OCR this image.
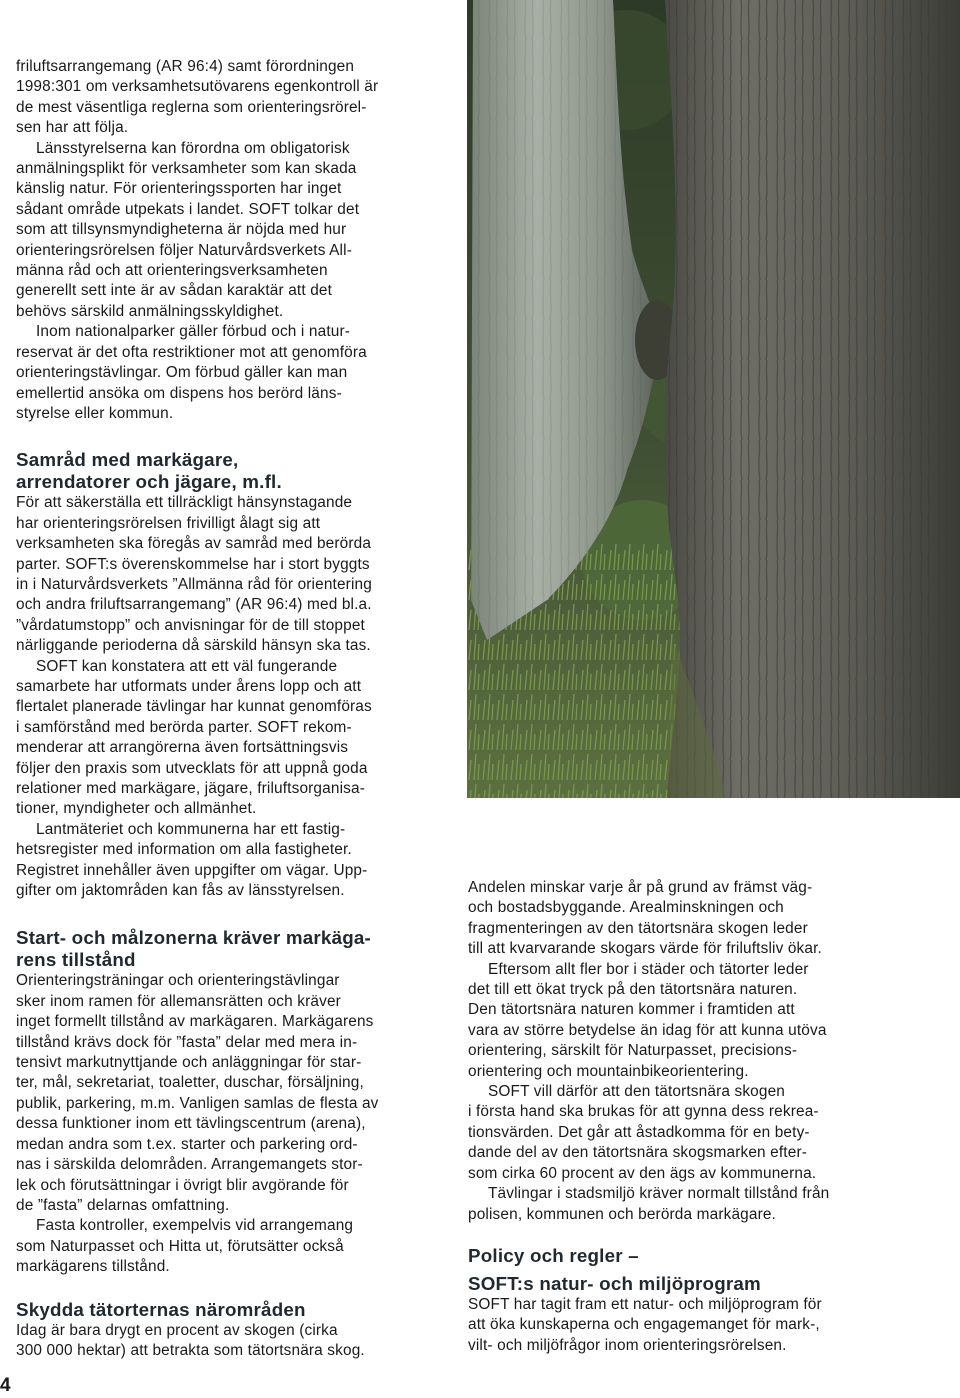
friluftsarrangemang (AR 96:4) samt förordningen
1998:301 om verksamhetsutövarens egenkontroll är
de mest väsentliga reglerna som orienteringsrörel-
sen har att följa.

Länsstyrelserna kan förordna om obligatorisk
anmälningsplikt för verksamheter som kan skada
känslig natur. För orienteringssporten har inget
sådant område utpekats i landet. SOFT tolkar det
som att tillsynsmyndigheterna är nöjda med hur
orienteringsrörelsen följer Naturvårdsverkets All-
männa råd och att orienteringsverksamheten
generellt sett inte är av sådan karaktär att det
behövs särskild anmälningsskyldighet.

Inom nationalparker gäller förbud och i natur-
reservat är det ofta restriktioner mot att genomföra
orienteringstävlingar. Om förbud gäller kan man
emellertid ansöka om dispens hos berörd läns-
styrelse eller kommun.

Samråd med markägare,
arrendatorer och jägare, m.fl.

För att säkerställa ett tillräckligt hänsynstagande
har orienteringsrörelsen frivilligt ålagt sig att
verksamheten ska föregås av samråd med berörda
parter. SOFT:s överenskommelse har i stort byggts
in i Naturvårdsverkets ”Allmänna råd för orientering
och andra friluftsarrangemang” (AR 96:4) med bl.a.
”vårdatumstopp” och anvisningar för de till stoppet
närliggande perioderna då särskild hänsyn ska tas.

SOFT kan konstatera att ett väl fungerande
samarbete har utformats under årens lopp och att
flertalet planerade tävlingar har kunnat genomföras
i samförstånd med berörda parter. SOFT rekom-
menderar att arrangörerna även fortsättningsvis
följer den praxis som utvecklats för att uppnå goda
relationer med markägare, jägare, friluftsorganisa-
tioner, myndigheter och allmänhet.

Lantmäteriet och kommunerna har ett fastig-
hetsregister med information om alla fastigheter.
Registret innehåller även uppgifter om vägar. Upp-
gifter om jaktområden kan fås av länsstyrelsen.

Start- och målzonerna kräver markäga-
rens tillstånd

Orienteringsträningar och orienteringstävlingar
sker inom ramen för allemansrätten och kräver
inget formellt tillstånd av markägaren. Markägarens
tillstånd krävs dock för ”fasta” delar med mera in-
tensivt markutnyttjande och anläggningar för star-
ter, mål, sekretariat, toaletter, duschar, försäljning,
publik, parkering, m.m. Vanligen samlas de flesta av
dessa funktioner inom ett tävlingscentrum (arena),
medan andra som t.ex. starter och parkering ord-
nas i särskilda delområden. Arrangemangets stor-
lek och förutsättningar i övrigt blir avgörande för
de ”fasta” delarnas omfattning.

Fasta kontroller, exempelvis vid arrangemang
som Naturpasset och Hitta ut, förutsätter också
markägarens tillstånd.

Skydda tätorternas närområden

Idag är bara drygt en procent av skogen (cirka
300 000 hektar) att betrakta som tätortsnära skog.

Andelen minskar varje år på grund av främst väg-
och bostadsbyggande. Arealminskningen och
fragmenteringen av den tätortsnära skogen leder
till att kvarvarande skogars värde för friluftsliv ökar.

Eftersom allt fler bor i städer och tätorter leder
det till ett ökat tryck på den tätortsnära naturen.
Den tätortsnära naturen kommer i framtiden att
vara av större betydelse än idag för att kunna utöva
orientering, särskilt för Naturpasset, precisions-
orientering och mountainbikeorientering.

SOFT vill därför att den tätortsnära skogen
i första hand ska brukas för att gynna dess rekrea-
tionsvärden. Det går att åstadkomma för en bety-
dande del av den tätortsnära skogsmarken efter-
som cirka 60 procent av den ägs av kommunerna.

Tävlingar i stadsmiljö kräver normalt tillstånd från
polisen, kommunen och berörda markägare.

Policy och regler –
SOFT:s natur- och miljöprogram

SOFT har tagit fram ett natur- och miljöprogram för
att öka kunskaperna och engagemanget för mark-,
vilt- och miljöfrågor inom orienteringsrörelsen.

4
